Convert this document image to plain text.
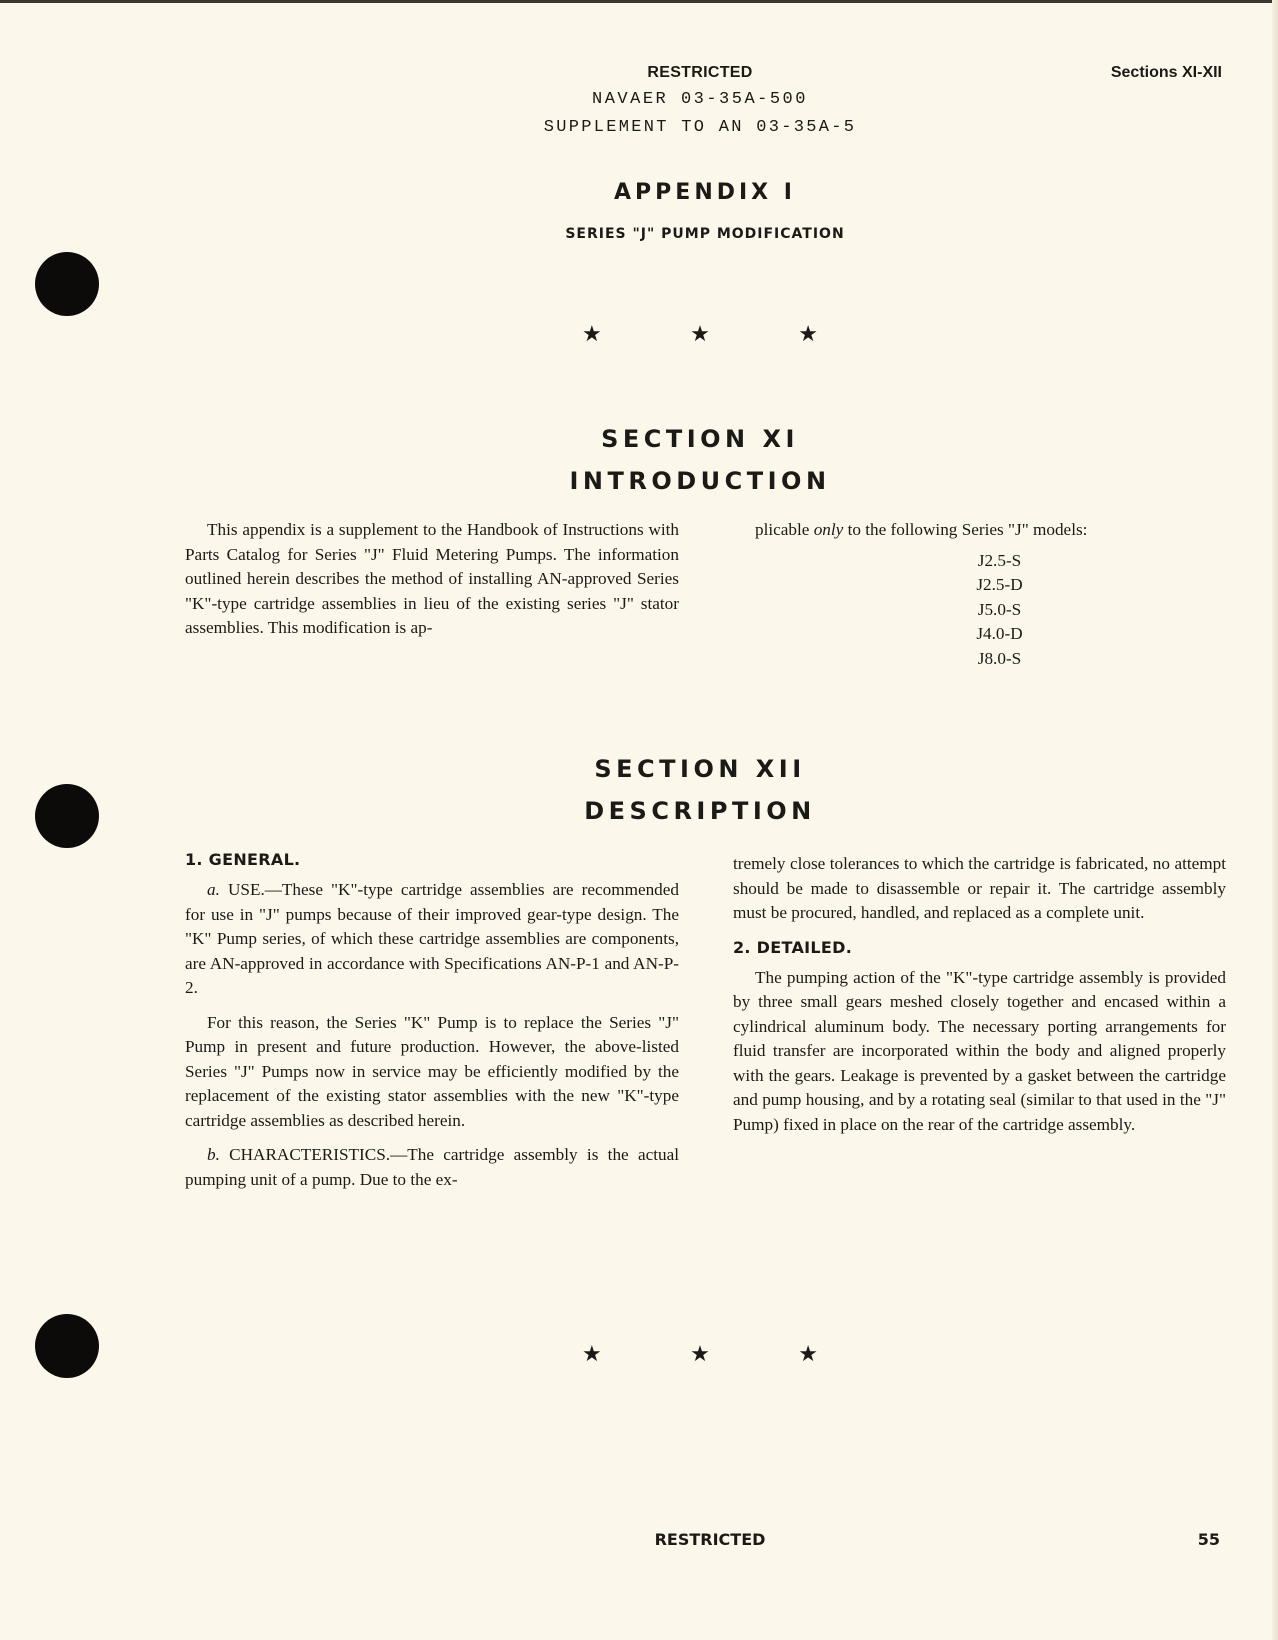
RESTRICTED
NAVAER 03-35A-500
SUPPLEMENT TO AN 03-35A-5
Sections XI-XII
APPENDIX I
SERIES "J" PUMP MODIFICATION
★	★	★
SECTION XI
INTRODUCTION

This appendix is a supplement to the Handbook of Instructions with Parts Catalog for Series "J" Fluid Metering Pumps. The information outlined herein describes the method of installing AN-approved Series "K"-type cartridge assemblies in lieu of the existing series "J" stator assemblies. This modification is ap-

plicable only to the following Series "J" models:

J2.5-S
J2.5-D
J5.0-S
J4.0-D
J8.0-S
SECTION XII
DESCRIPTION
1. GENERAL.

a. USE.—These "K"-type cartridge assemblies are recommended for use in "J" pumps because of their improved gear-type design. The "K" Pump series, of which these cartridge assemblies are components, are AN-approved in accordance with Specifications AN-P-1 and AN-P-2.

For this reason, the Series "K" Pump is to replace the Series "J" Pump in present and future production. However, the above-listed Series "J" Pumps now in service may be efficiently modified by the replacement of the existing stator assemblies with the new "K"-type cartridge assemblies as described herein.

b. CHARACTERISTICS.—The cartridge assembly is the actual pumping unit of a pump. Due to the ex-

tremely close tolerances to which the cartridge is fabricated, no attempt should be made to disassemble or repair it. The cartridge assembly must be procured, handled, and replaced as a complete unit.

2. DETAILED.

The pumping action of the "K"-type cartridge assembly is provided by three small gears meshed closely together and encased within a cylindrical aluminum body. The necessary porting arrangements for fluid transfer are incorporated within the body and aligned properly with the gears. Leakage is prevented by a gasket between the cartridge and pump housing, and by a rotating seal (similar to that used in the "J" Pump) fixed in place on the rear of the cartridge assembly.

★	★	★
RESTRICTED	55
